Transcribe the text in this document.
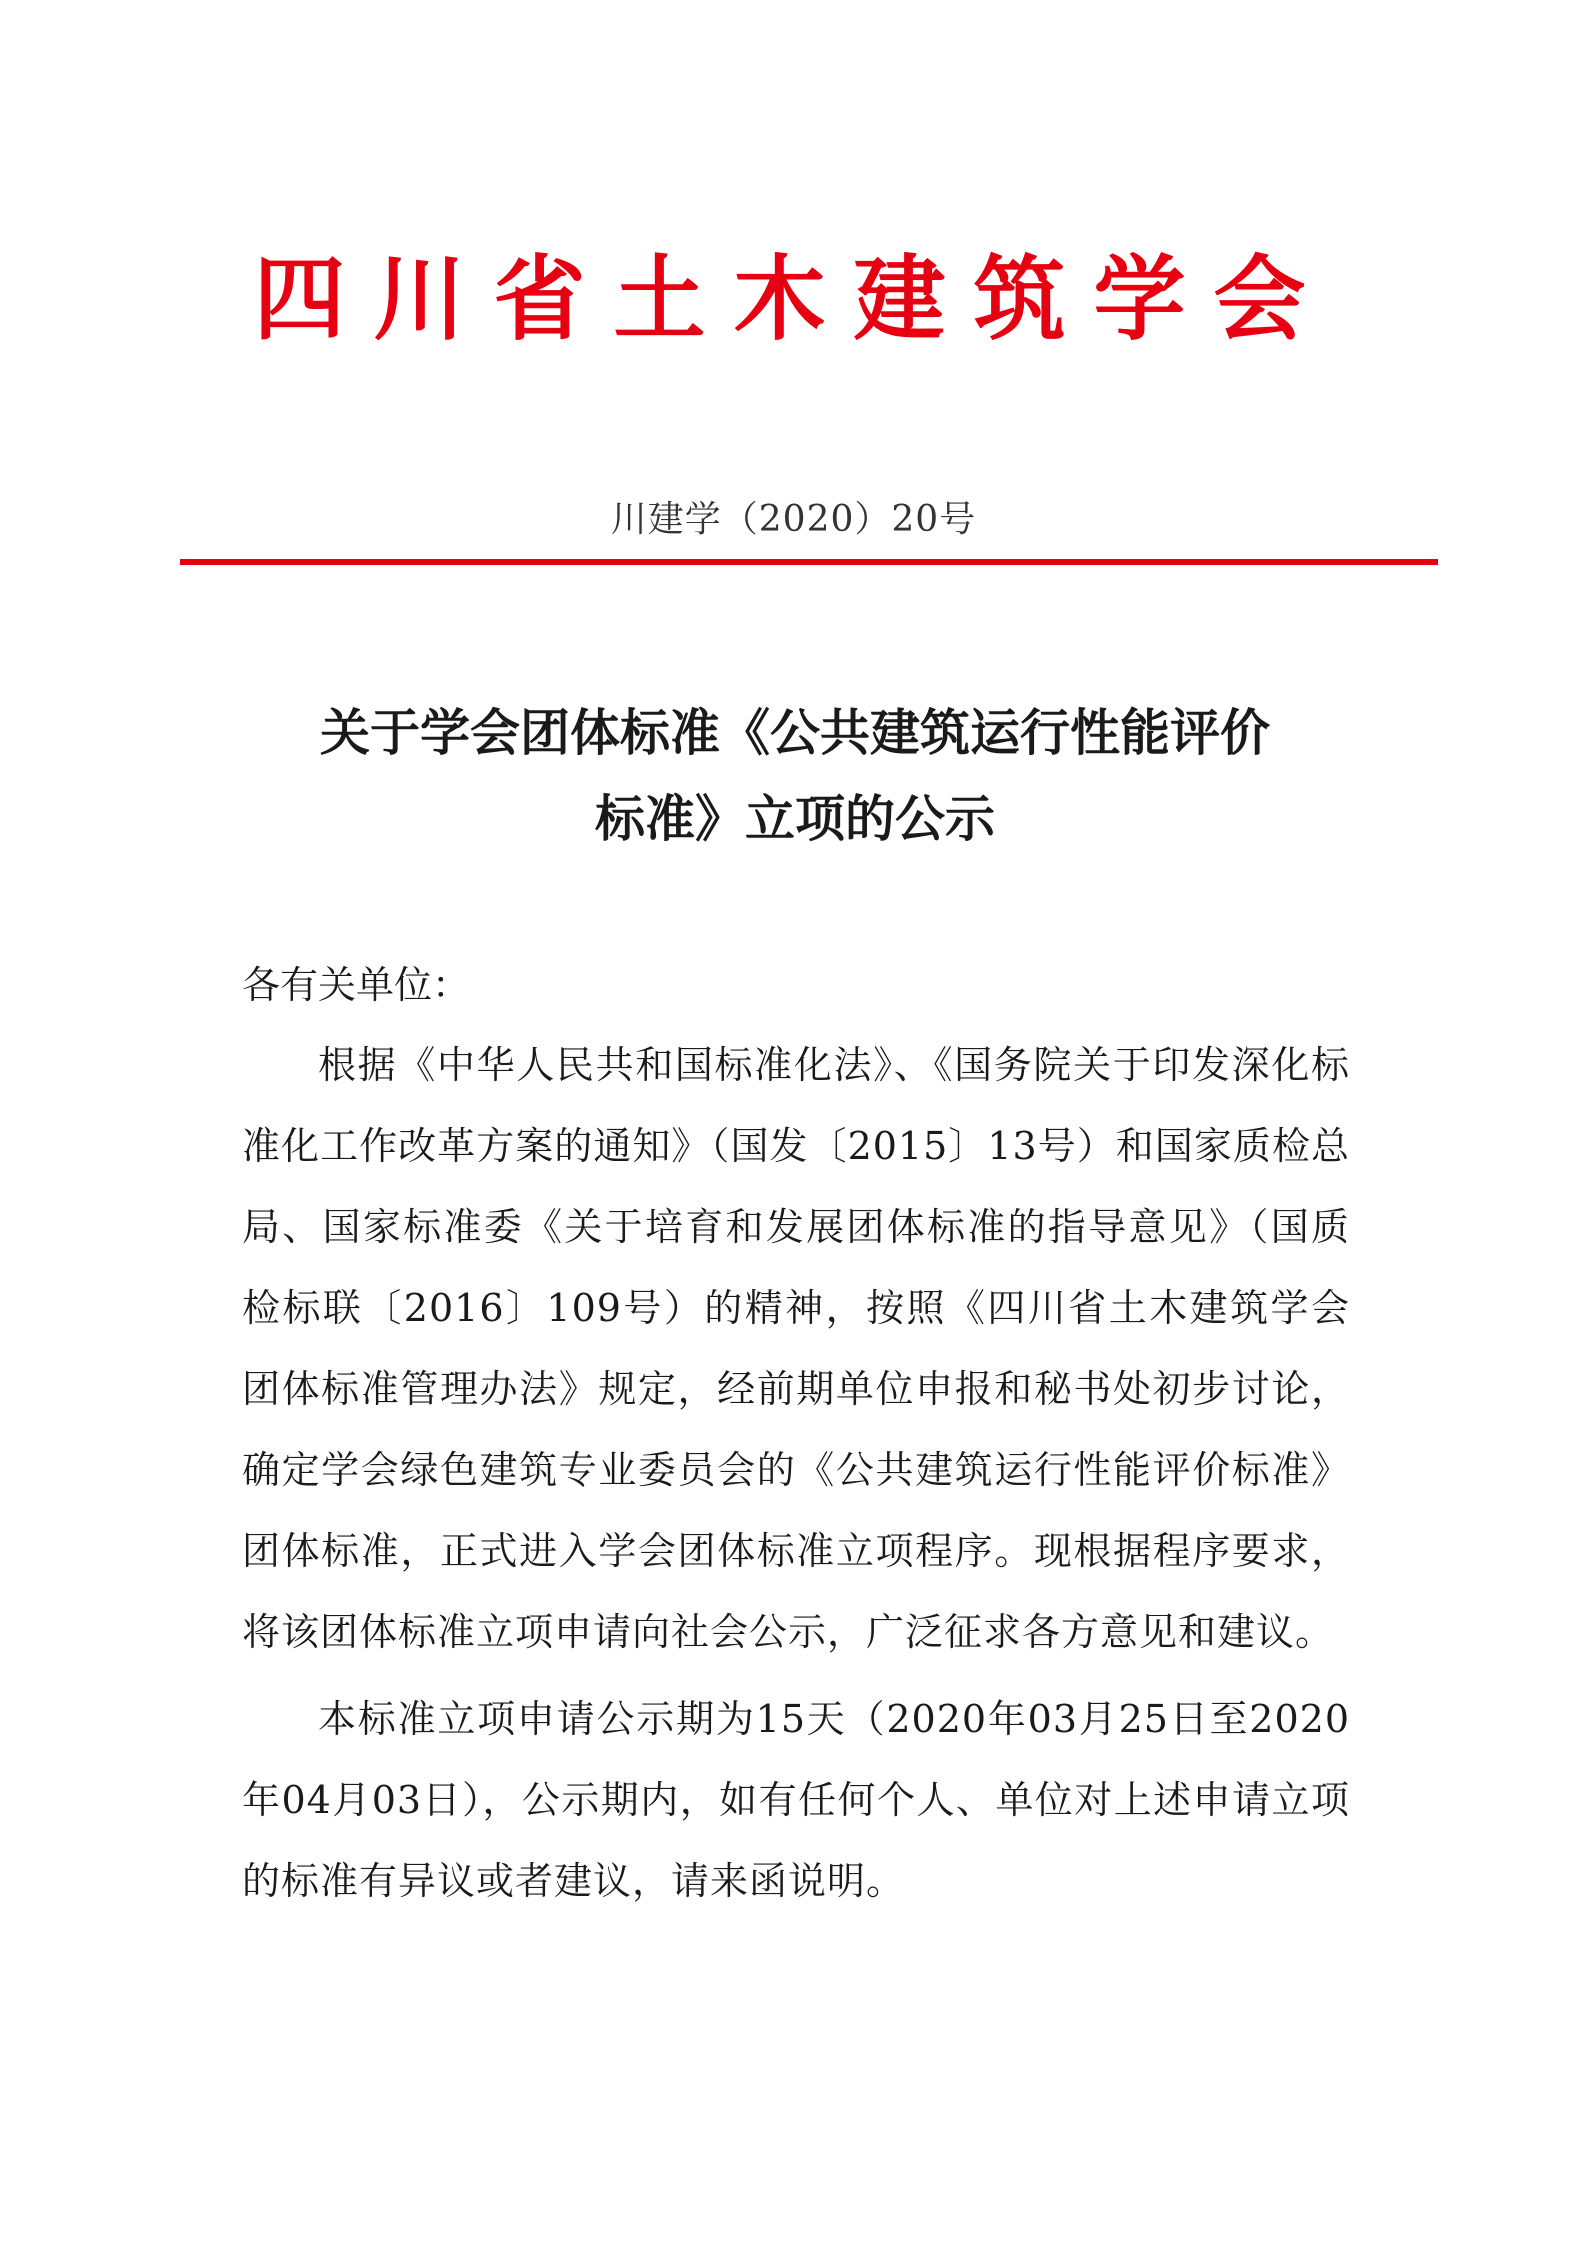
四川省土木建筑学会
川建学（2020）20号
关于学会团体标准《公共建筑运行性能评价
标准》立项的公示

各有关单位：

根据《中华人民共和国标准化法》、《国务院关于印发深化标准化工作改革方案的通知》（国发〔2015〕13号）和国家质检总局、国家标准委《关于培育和发展团体标准的指导意见》（国质检标联〔2016〕109号）的精神，按照《四川省土木建筑学会团体标准管理办法》规定，经前期单位申报和秘书处初步讨论，确定学会绿色建筑专业委员会的《公共建筑运行性能评价标准》团体标准，正式进入学会团体标准立项程序。现根据程序要求，将该团体标准立项申请向社会公示，广泛征求各方意见和建议。

本标准立项申请公示期为15天（2020年03月25日至2020年04月03日），公示期内，如有任何个人、单位对上述申请立项的标准有异议或者建议，请来函说明。
